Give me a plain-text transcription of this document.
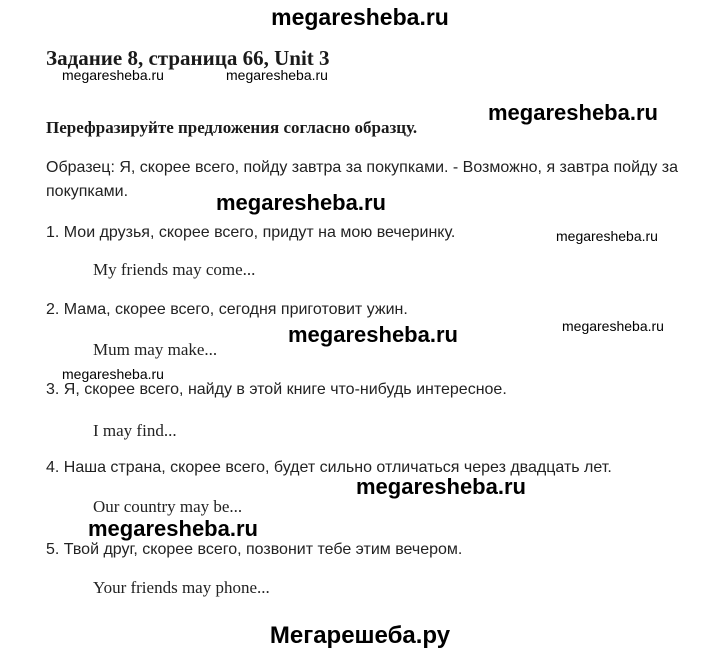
megaresheba.ru
Задание 8, страница 66, Unit 3
megaresheba.ru	megaresheba.ru
megaresheba.ru
Перефразируйте предложения согласно образцу.
Образец: Я, скорее всего, пойду завтра за покупками. - Возможно, я завтра пойду за покупками.	megaresheba.ru
1. Мои друзья, скорее всего, придут на мою вечеринку.	megaresheba.ru
My friends may come...
2. Мама, скорее всего, сегодня приготовит ужин.
megaresheba.ru
megaresheba.ru
Mum may make...
megaresheba.ru
3. Я, скорее всего, найду в этой книге что-нибудь интересное.
I may find...
4. Наша страна, скорее всего, будет сильно отличаться через двадцать лет.
megaresheba.ru
Our country may be...
megaresheba.ru
5. Твой друг, скорее всего, позвонит тебе этим вечером.
Your friends may phone...
Мегарешеба.ру
